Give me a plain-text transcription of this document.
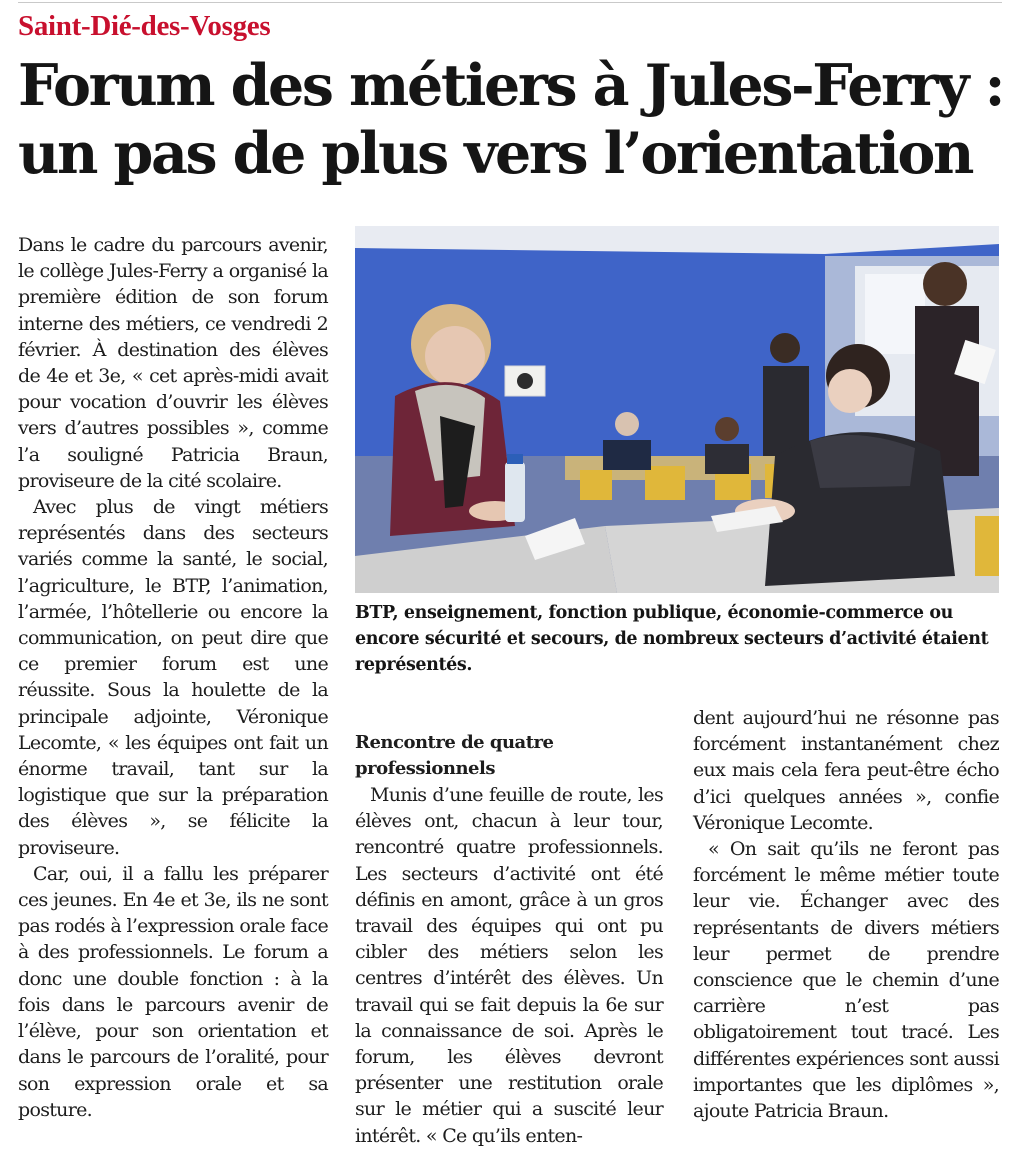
Saint-Dié-des-Vosges
Forum des métiers à Jules-Ferry :
un pas de plus vers l’orientation

Dans le cadre du parcours avenir, le collège Jules-Ferry a organisé la première édition de son forum interne des métiers, ce vendredi 2 février. À destination des élèves de 4e et 3e, « cet après-midi avait pour vocation d’ouvrir les élèves vers d’autres possibles », comme l’a souligné Patricia Braun, proviseure de la cité scolaire.

Avec plus de vingt métiers représentés dans des secteurs variés comme la santé, le social, l’agriculture, le BTP, l’animation, l’armée, l’hôtellerie ou encore la communication, on peut dire que ce premier forum est une réussite. Sous la houlette de la principale adjointe, Véronique Lecomte, « les équipes ont fait un énorme travail, tant sur la logistique que sur la préparation des élèves », se félicite la proviseure.

Car, oui, il a fallu les préparer ces jeunes. En 4e et 3e, ils ne sont pas rodés à l’expression orale face à des professionnels. Le forum a donc une double fonction : à la fois dans le parcours avenir de l’élève, pour son orientation et dans le parcours de l’oralité, pour son expression orale et sa posture.

BTP, enseignement, fonction publique, économie-commerce ou encore sécurité et secours, de nombreux secteurs d’activité étaient représentés.
Rencontre de quatre professionnels

Munis d’une feuille de route, les élèves ont, chacun à leur tour, rencontré quatre professionnels. Les secteurs d’activité ont été définis en amont, grâce à un gros travail des équipes qui ont pu cibler des métiers selon les centres d’intérêt des élèves. Un travail qui se fait depuis la 6e sur la connaissance de soi. Après le forum, les élèves devront présenter une restitution orale sur le métier qui a suscité leur intérêt. « Ce qu’ils enten-

dent aujourd’hui ne résonne pas forcément instantanément chez eux mais cela fera peut-être écho d’ici quelques années », confie Véronique Lecomte.

« On sait qu’ils ne feront pas forcément le même métier toute leur vie. Échanger avec des représentants de divers métiers leur permet de prendre conscience que le chemin d’une carrière n’est pas obligatoirement tout tracé. Les différentes expériences sont aussi importantes que les diplômes », ajoute Patricia Braun.
